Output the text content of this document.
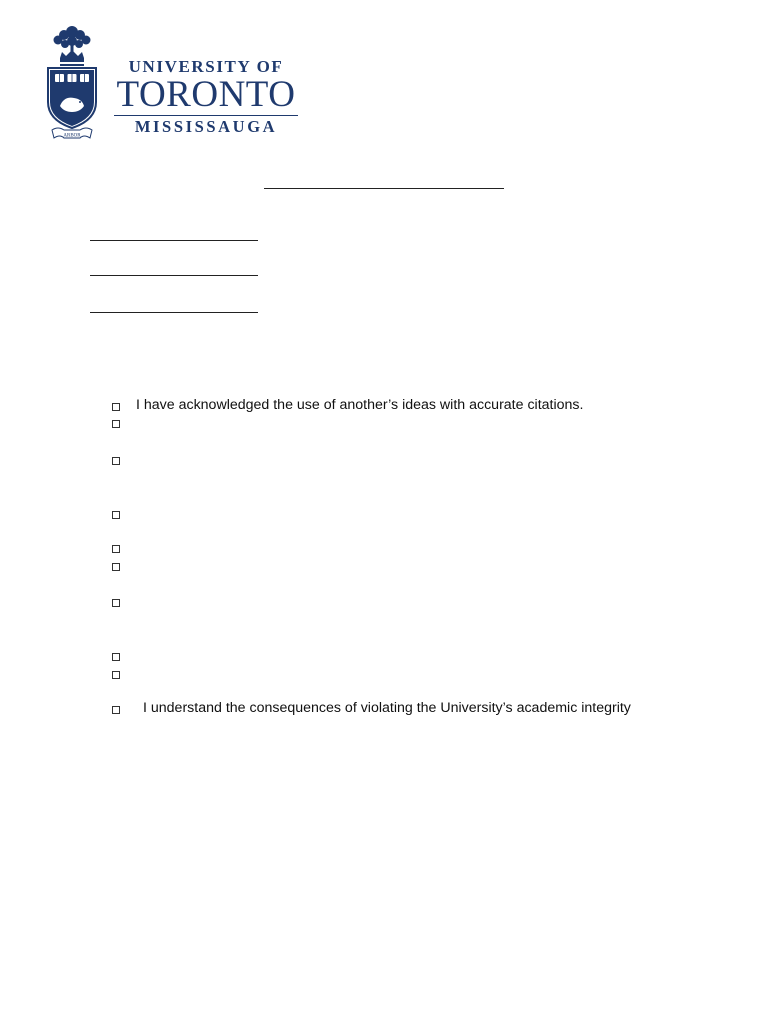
ARBOR
UNIVERSITY OF
TORONTO
MISSISSAUGA
I have acknowledged the use of another’s ideas with accurate citations.
I understand the consequences of violating the University’s academic integrity
